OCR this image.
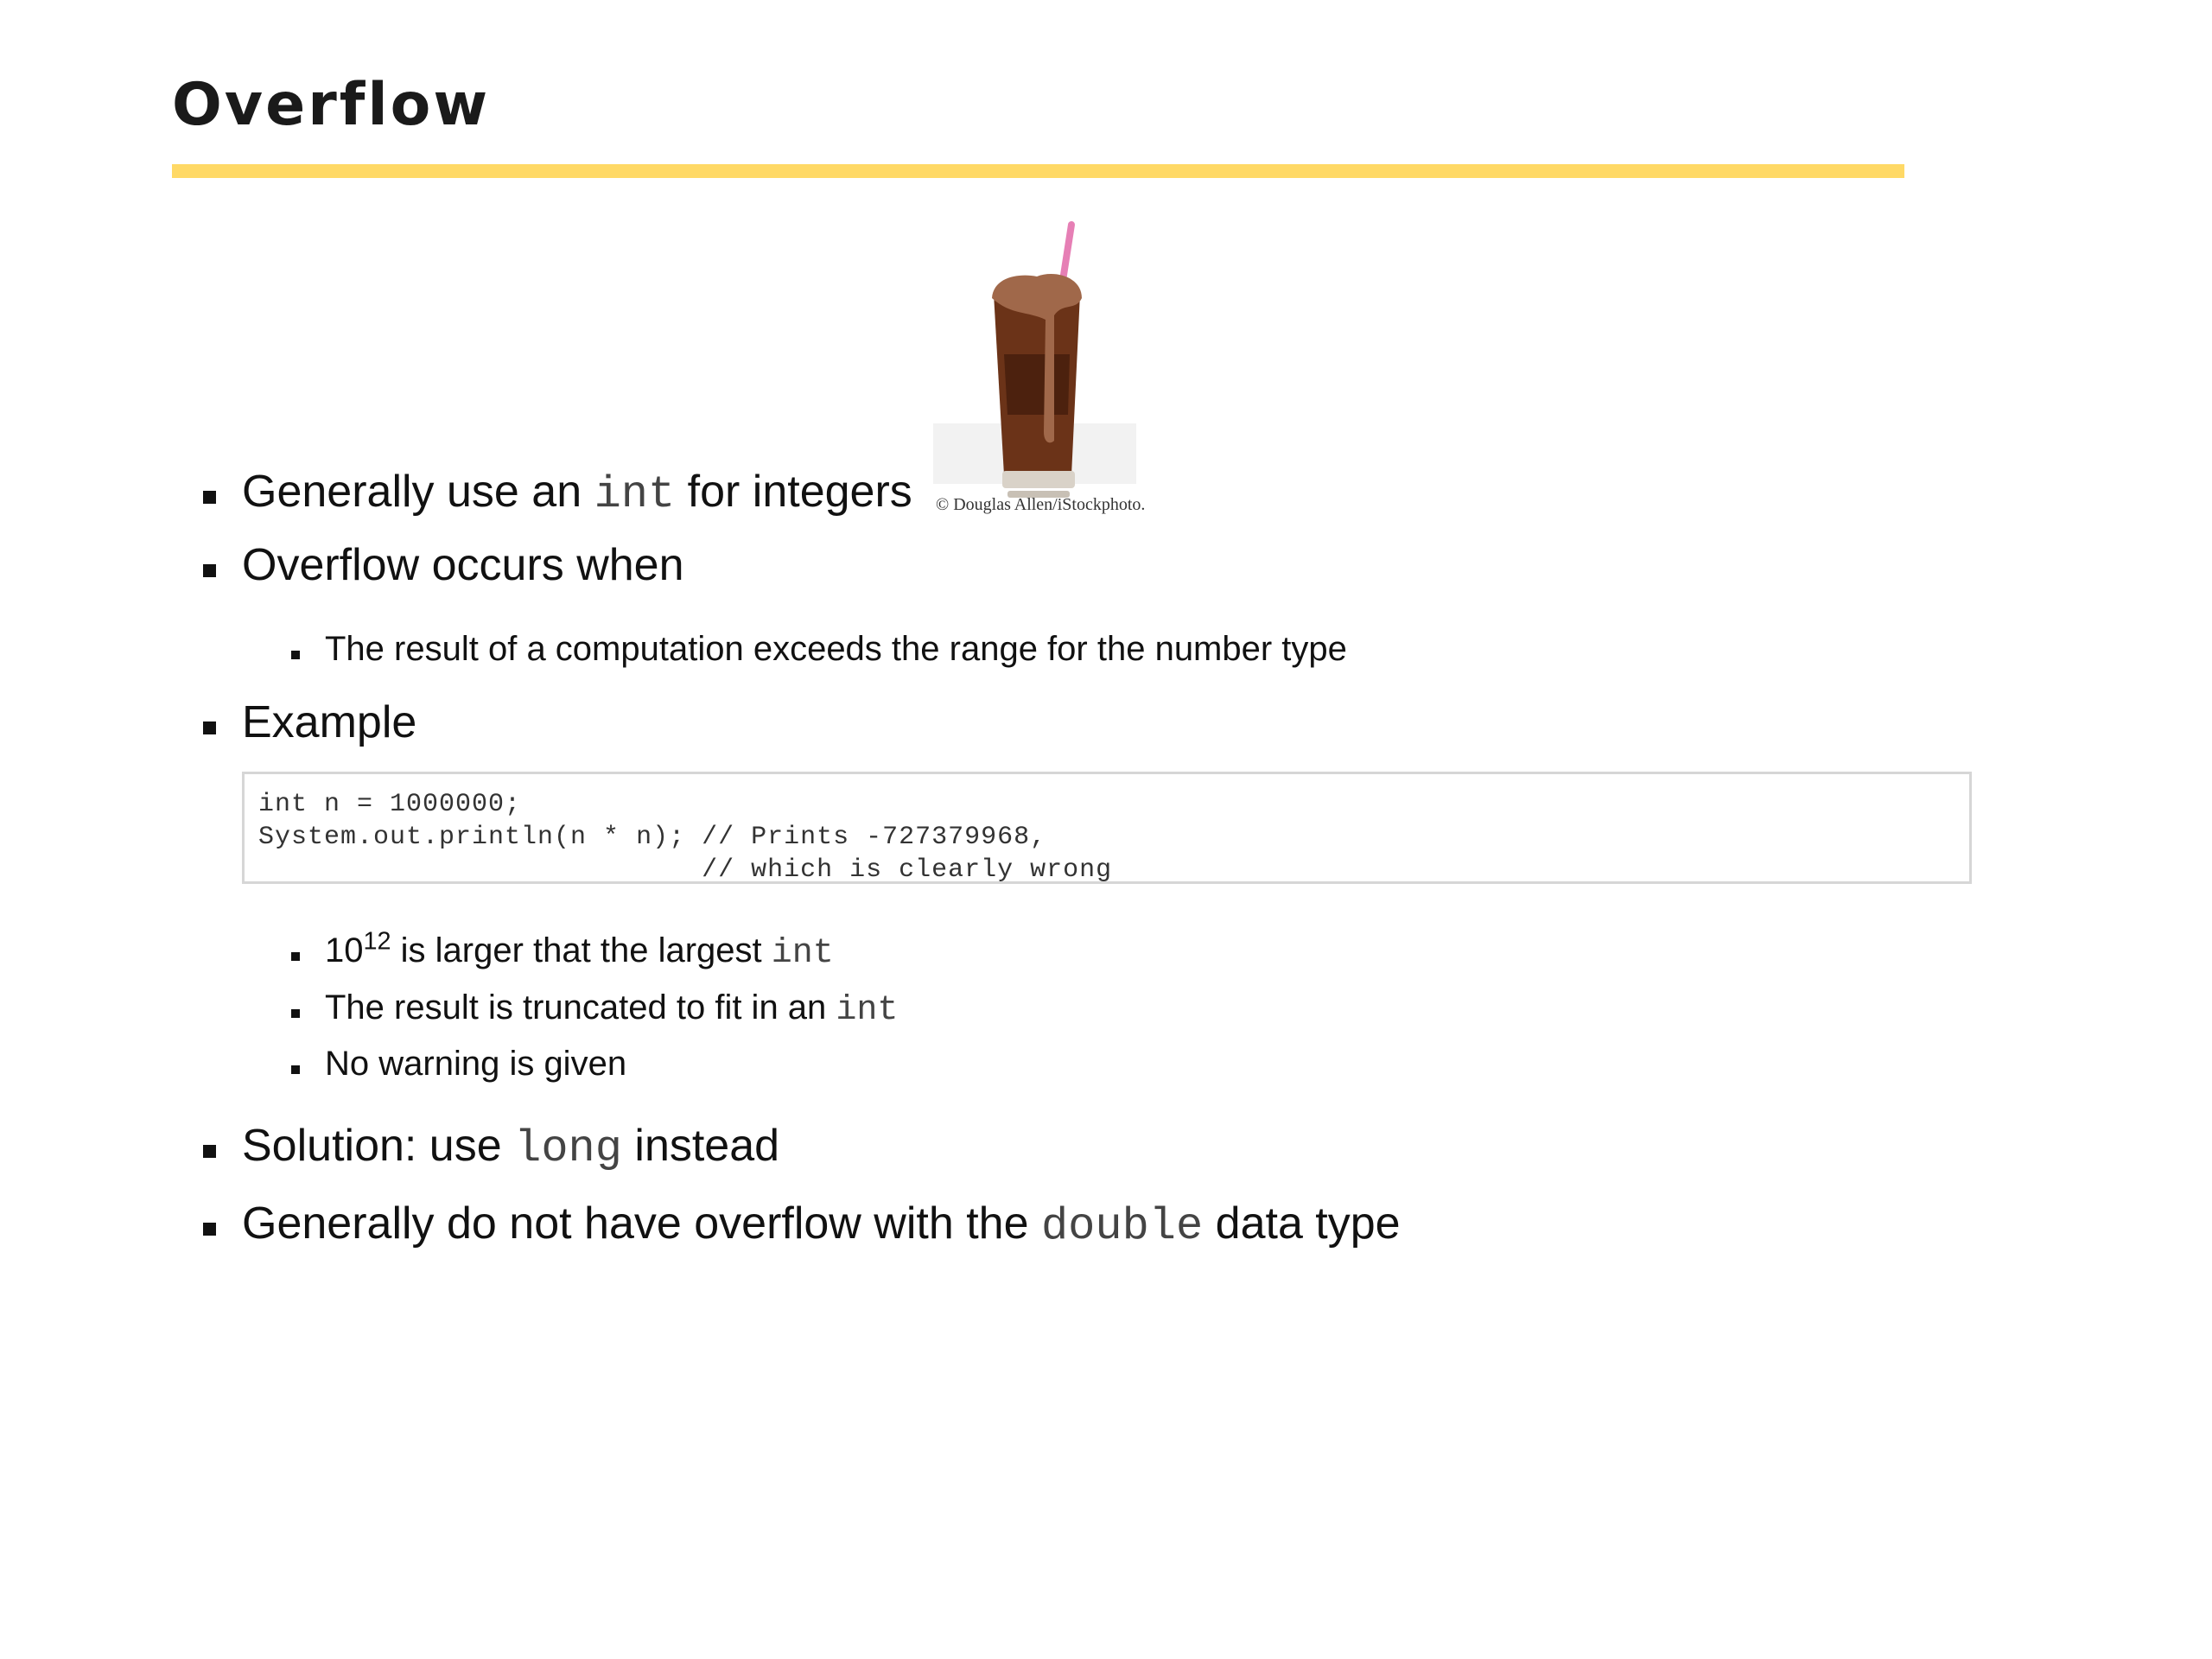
Overflow
© Douglas Allen/iStockphoto.
Generally use an int for integers
Overflow occurs when
The result of a computation exceeds the range for the number type
Example
int n = 1000000;
System.out.println(n * n); // Prints -727379968,
// which is clearly wrong
$10^{12}$ is larger that the largest int
The result is truncated to fit in an int
No warning is given
Solution: use long instead
Generally do not have overflow with the double data type
